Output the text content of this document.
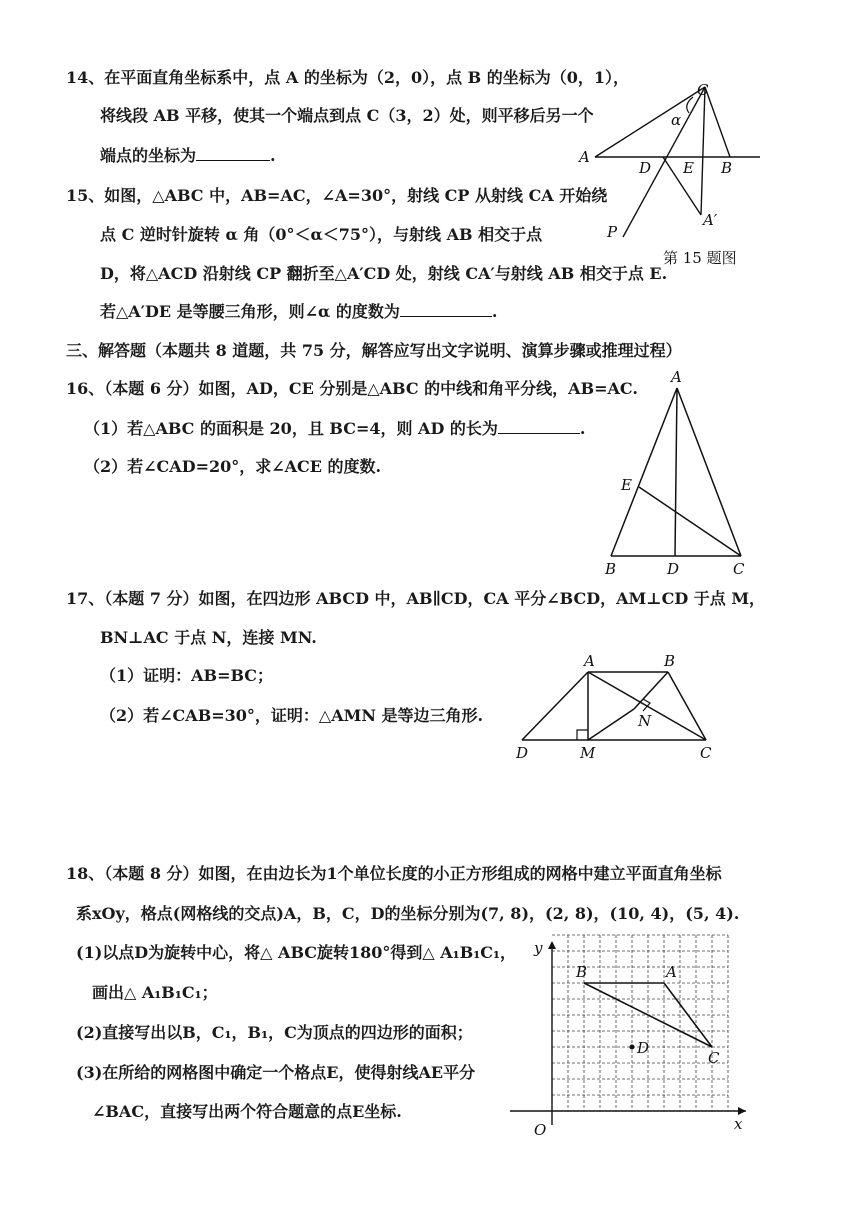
14、在平面直角坐标系中，点 A 的坐标为（2，0），点 B 的坐标为（0，1），
将线段 AB 平移，使其一个端点到点 C（3，2）处，则平移后另一个
端点的坐标为	.
C
α
A
D E B
A′
P
第 15 题图
15、如图，△ABC 中，AB=AC，∠A=30°，射线 CP 从射线 CA 开始绕
点 C 逆时针旋转 α 角（0°＜α＜75°），与射线 AB 相交于点
D，将△ACD 沿射线 CP 翻折至△A′CD 处，射线 CA′与射线 AB 相交于点 E.
若△A′DE 是等腰三角形，则∠α 的度数为	.
三、解答题（本题共 8 道题，共 75 分，解答应写出文字说明、演算步骤或推理过程）
16、（本题 6 分）如图，AD，CE 分别是△ABC 的中线和角平分线，AB=AC.
（1）若△ABC 的面积是 20，且 BC=4，则 AD 的长为	.
（2）若∠CAD=20°，求∠ACE 的度数.
A
E
B	D	C
17、（本题 7 分）如图，在四边形 ABCD 中，AB∥CD，CA 平分∠BCD，AM⊥CD 于点 M，
BN⊥AC 于点 N，连接 MN.
（1）证明：AB=BC；
（2）若∠CAB=30°，证明：△AMN 是等边三角形.
A	B
N
D	M	C
18、（本题 8 分）如图，在由边长为1个单位长度的小正方形组成的网格中建立平面直角坐标
系xOy，格点(网格线的交点)A，B，C，D的坐标分别为(7, 8)，(2, 8)，(10, 4)，(5, 4).
(1)以点D为旋转中心，将△ ABC旋转180°得到△ A₁B₁C₁，
画出△ A₁B₁C₁；
(2)直接写出以B，C₁，B₁，C为顶点的四边形的面积；
(3)在所给的网格图中确定一个格点E，使得射线AE平分
∠BAC，直接写出两个符合题意的点E坐标.
y
x
O
A
B
C
D
